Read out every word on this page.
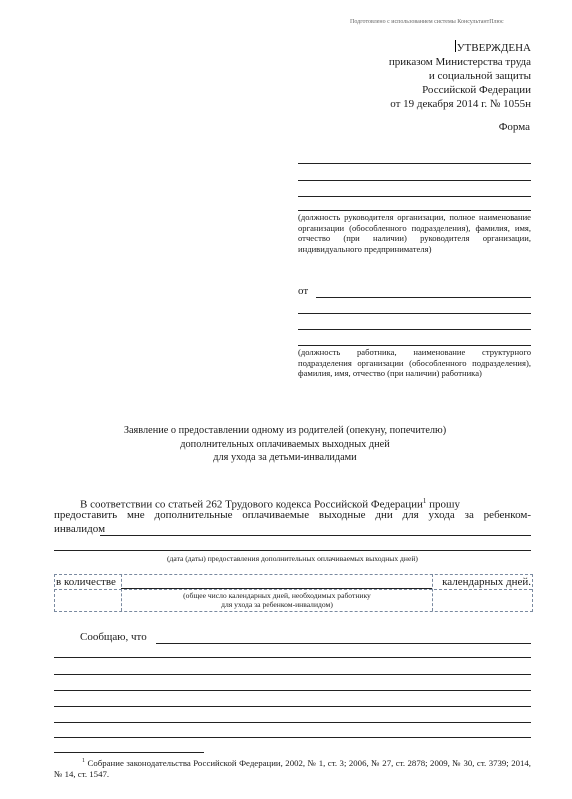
Подготовлено с использованием системы КонсультантПлюс
УТВЕРЖДЕНА
приказом Министерства труда
и социальной защиты
Российской Федерации
от 19 декабря 2014 г. № 1055н
Форма
(должность руководителя организации, полное наименование организации (обособленного подразделения), фамилия, имя, отчество (при наличии) руководителя организации, индивидуального предпринимателя)
от
(должность работника, наименование структурного подразделения организации (обособленного подразделения), фамилия, имя, отчество (при наличии) работника)
Заявление о предоставлении одному из родителей (опекуну, попечителю)
дополнительных оплачиваемых выходных дней
для ухода за детьми-инвалидами
В соответствии со статьей 262 Трудового кодекса Российской Федерации$^1$ прошу
предоставить мне дополнительные оплачиваемые выходные дни для ухода за ребенком-
инвалидом
(дата (даты) предоставления дополнительных оплачиваемых выходных дней)
в количестве	календарных дней.
(общее число календарных дней, необходимых работнику
для ухода за ребенком-инвалидом)
Сообщаю, что
$^1$ Собрание законодательства Российской Федерации, 2002, № 1, ст. 3; 2006, № 27, ст. 2878; 2009, № 30, ст. 3739; 2014, № 14, ст. 1547.
